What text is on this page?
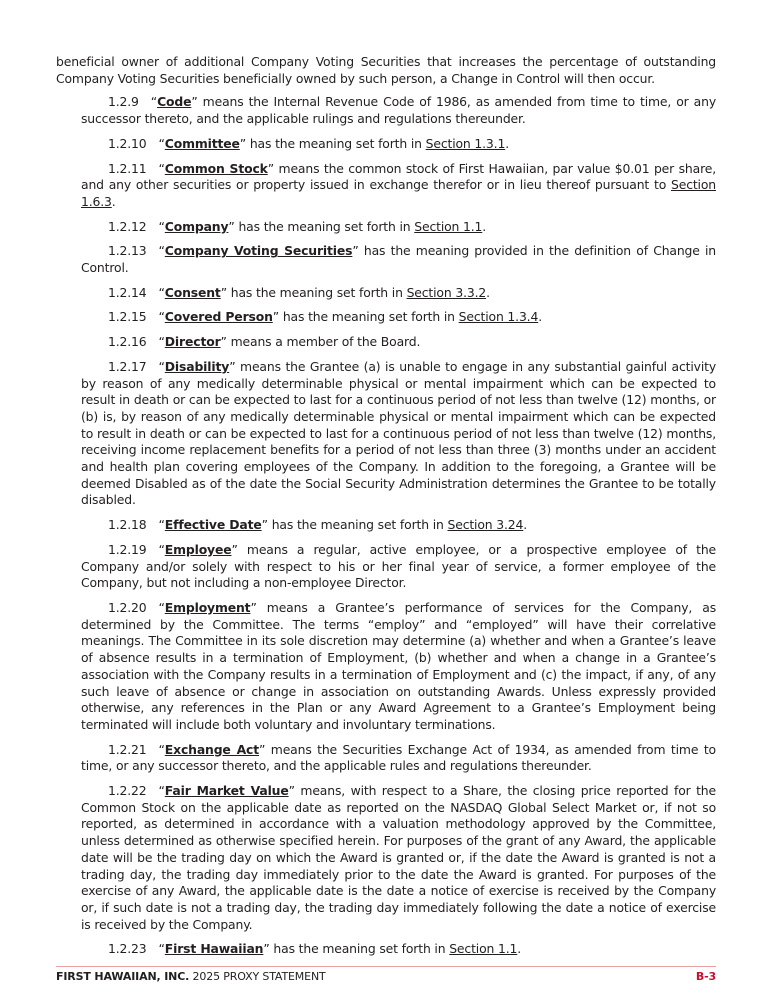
beneficial owner of additional Company Voting Securities that increases the percentage of outstanding Company Voting Securities beneficially owned by such person, a Change in Control will then occur.

1.2.9 “Code” means the Internal Revenue Code of 1986, as amended from time to time, or any successor thereto, and the applicable rulings and regulations thereunder.

1.2.10 “Committee” has the meaning set forth in Section 1.3.1.

1.2.11 “Common Stock” means the common stock of First Hawaiian, par value $0.01 per share, and any other securities or property issued in exchange therefor or in lieu thereof pursuant to Section 1.6.3.

1.2.12 “Company” has the meaning set forth in Section 1.1.

1.2.13 “Company Voting Securities” has the meaning provided in the definition of Change in Control.

1.2.14 “Consent” has the meaning set forth in Section 3.3.2.

1.2.15 “Covered Person” has the meaning set forth in Section 1.3.4.

1.2.16 “Director” means a member of the Board.

1.2.17 “Disability” means the Grantee (a) is unable to engage in any substantial gainful activity by reason of any medically determinable physical or mental impairment which can be expected to result in death or can be expected to last for a continuous period of not less than twelve (12) months, or (b) is, by reason of any medically determinable physical or mental impairment which can be expected to result in death or can be expected to last for a continuous period of not less than twelve (12) months, receiving income replacement benefits for a period of not less than three (3) months under an accident and health plan covering employees of the Company. In addition to the foregoing, a Grantee will be deemed Disabled as of the date the Social Security Administration determines the Grantee to be totally disabled.

1.2.18 “Effective Date” has the meaning set forth in Section 3.24.

1.2.19 “Employee” means a regular, active employee, or a prospective employee of the Company and/or solely with respect to his or her final year of service, a former employee of the Company, but not including a non-employee Director.

1.2.20 “Employment” means a Grantee’s performance of services for the Company, as determined by the Committee. The terms “employ” and “employed” will have their correlative meanings. The Committee in its sole discretion may determine (a) whether and when a Grantee’s leave of absence results in a termination of Employment, (b) whether and when a change in a Grantee’s association with the Company results in a termination of Employment and (c) the impact, if any, of any such leave of absence or change in association on outstanding Awards. Unless expressly provided otherwise, any references in the Plan or any Award Agreement to a Grantee’s Employment being terminated will include both voluntary and involuntary terminations.

1.2.21 “Exchange Act” means the Securities Exchange Act of 1934, as amended from time to time, or any successor thereto, and the applicable rules and regulations thereunder.

1.2.22 “Fair Market Value” means, with respect to a Share, the closing price reported for the Common Stock on the applicable date as reported on the NASDAQ Global Select Market or, if not so reported, as determined in accordance with a valuation methodology approved by the Committee, unless determined as otherwise specified herein. For purposes of the grant of any Award, the applicable date will be the trading day on which the Award is granted or, if the date the Award is granted is not a trading day, the trading day immediately prior to the date the Award is granted. For purposes of the exercise of any Award, the applicable date is the date a notice of exercise is received by the Company or, if such date is not a trading day, the trading day immediately following the date a notice of exercise is received by the Company.

1.2.23 “First Hawaiian” has the meaning set forth in Section 1.1.

FIRST HAWAIIAN, INC. 2025 PROXY STATEMENT	B-3
